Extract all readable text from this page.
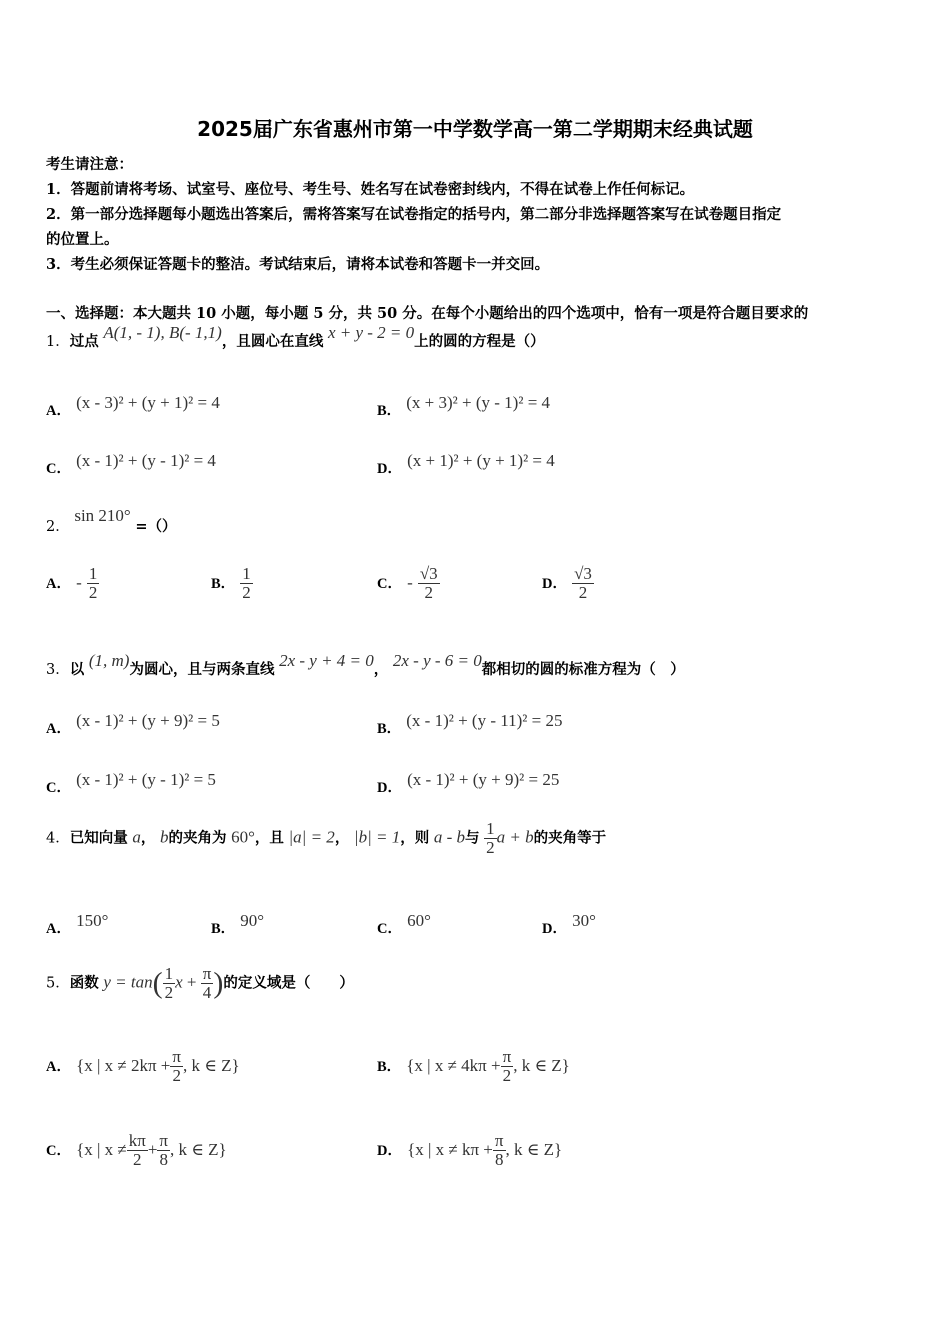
2025届广东省惠州市第一中学数学高一第二学期期末经典试题
考生请注意：
1．答题前请将考场、试室号、座位号、考生号、姓名写在试卷密封线内，不得在试卷上作任何标记。
2．第一部分选择题每小题选出答案后，需将答案写在试卷指定的括号内，第二部分非选择题答案写在试卷题目指定
的位置上。
3．考生必须保证答题卡的整洁。考试结束后，请将本试卷和答题卡一并交回。
一、选择题：本大题共 10 小题，每小题 5 分，共 50 分。在每个小题给出的四个选项中，恰有一项是符合题目要求的
1．过点 A(1, - 1), B(- 1,1)，且圆心在直线 x + y - 2 = 0上的圆的方程是（）
A． (x - 3)² + (y + 1)² = 4	B． (x + 3)² + (y - 1)² = 4
C． (x - 1)² + (y - 1)² = 4	D． (x + 1)² + (y + 1)² = 4
2． sin 210° =（）
A． - $\frac{1}{2}$	B． $\frac{1}{2}$	C． - $\frac{√3}{2}$	D． $\frac{√3}{2}$
3．以 (1, m)为圆心，且与两条直线 2x - y + 4 = 0， 2x - y - 6 = 0都相切的圆的标准方程为（　）
A． (x - 1)² + (y + 9)² = 5	B． (x - 1)² + (y - 11)² = 25
C． (x - 1)² + (y - 1)² = 5	D． (x - 1)² + (y + 9)² = 25
4．已知向量 a， b的夹角为 60°，且 |a| = 2， |b| = 1，则 a - b与 $\frac{1}{2}$ a + b的夹角等于
A． 150°	B． 90°	C． 60°	D． 30°
5．函数 $y = \tan( \frac{1}{2}$ $x + \frac{\pi}{4}$ )的定义域是（　　）
A． {x | $x \ne 2k\pi + \frac{\pi}{2}$ , k ∈ Z}	B． {x | $x \ne 4k\pi + \frac{\pi}{2}$ , k ∈ Z}
C． {x | $x \ne \frac{k\pi}{2} + \frac{\pi}{8}$ , k ∈ Z}	D． {x | $x \ne k\pi + \frac{\pi}{8}$ , k ∈ Z}
